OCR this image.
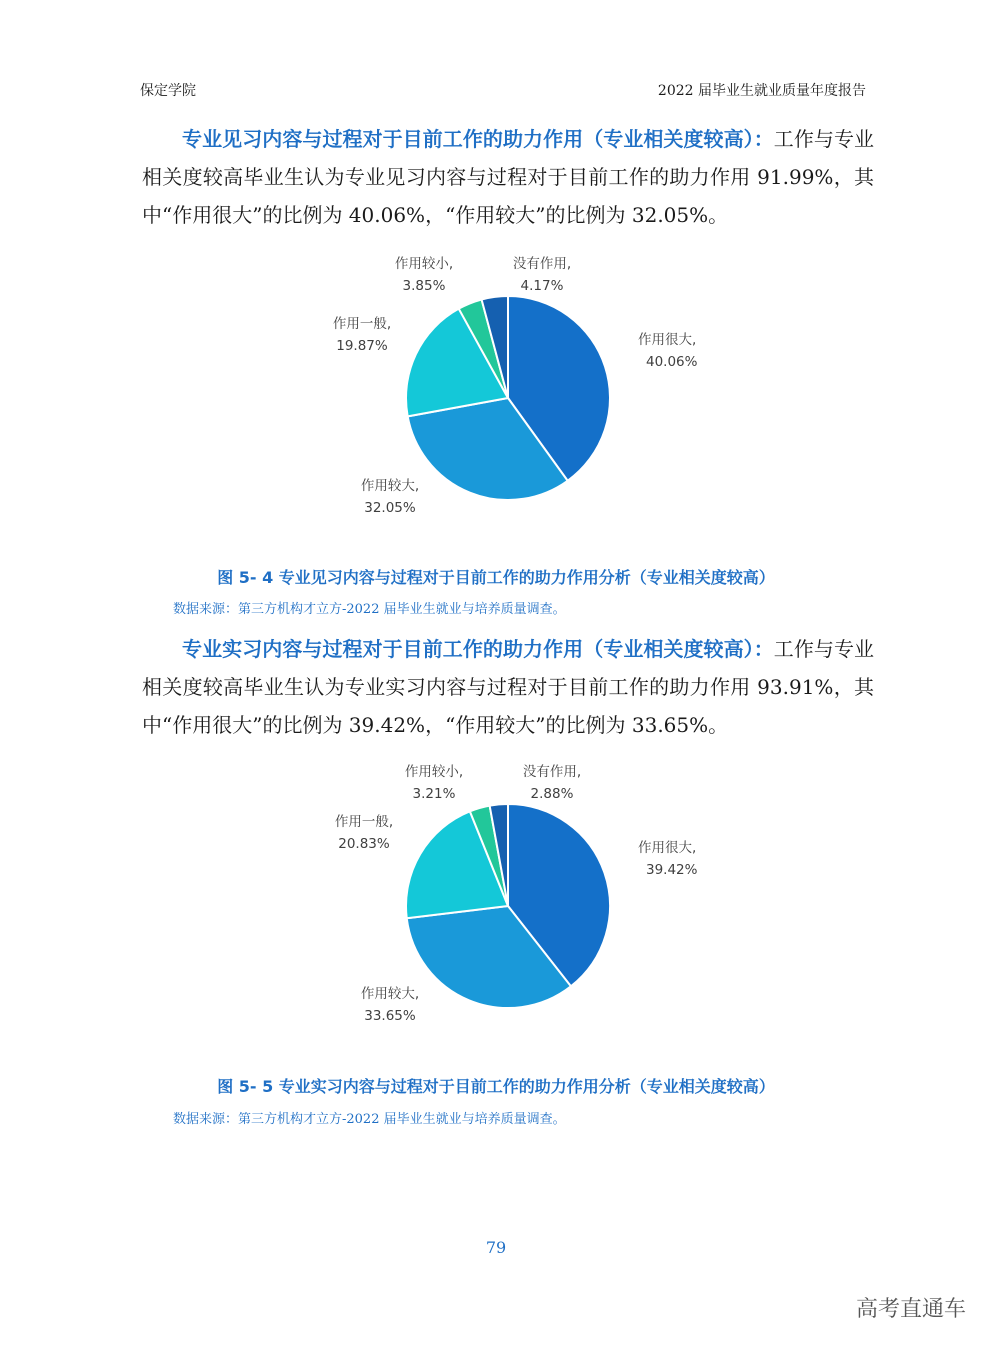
保定学院	2022 届毕业生就业质量年度报告
专业见习内容与过程对于目前工作的助力作用（专业相关度较高）：工作与专业相关度较高毕业生认为专业见习内容与过程对于目前工作的助力作用 91.99%，其中“作用很大”的比例为 40.06%，“作用较大”的比例为 32.05%。
作用很大,
40.06%
作用较大,
32.05%
作用一般,
19.87%
作用较小,
3.85%
没有作用,
4.17%
图 5- 4 专业见习内容与过程对于目前工作的助力作用分析（专业相关度较高）
数据来源：第三方机构才立方-2022 届毕业生就业与培养质量调查。
专业实习内容与过程对于目前工作的助力作用（专业相关度较高）：工作与专业相关度较高毕业生认为专业实习内容与过程对于目前工作的助力作用 93.91%，其中“作用很大”的比例为 39.42%，“作用较大”的比例为 33.65%。
作用很大,
39.42%
作用较大,
33.65%
作用一般,
20.83%
作用较小,
3.21%
没有作用,
2.88%
图 5- 5 专业实习内容与过程对于目前工作的助力作用分析（专业相关度较高）
数据来源：第三方机构才立方-2022 届毕业生就业与培养质量调查。
79
高考直通车
